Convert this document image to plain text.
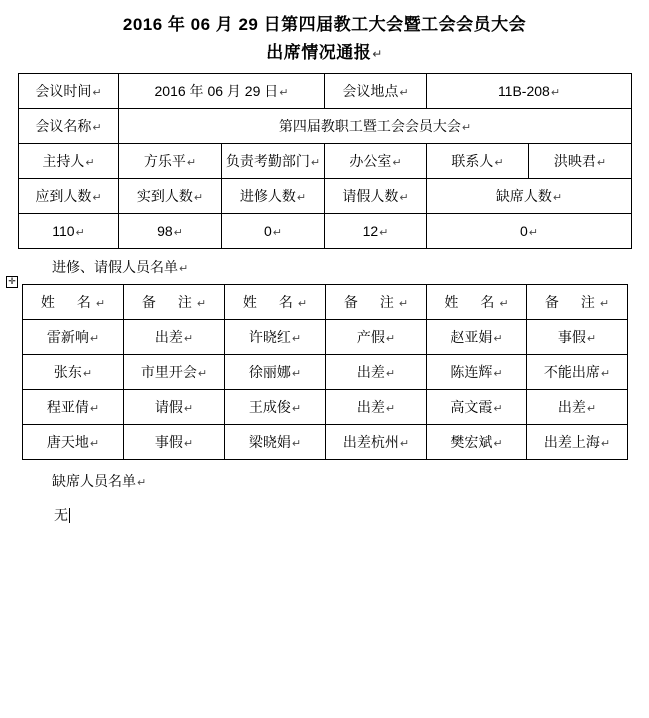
2016 年 06 月 29 日第四届教工大会暨工会会员大会
出席情况通报↵
会议时间↵	2016 年 06 月 29 日↵		会议地点↵	11B-208↵	
会议名称↵	第四届教职工暨工会会员大会↵				
主持人↵	方乐平↵	负责考勤部门↵	办公室↵	联系人↵	洪映君↵
应到人数↵	实到人数↵	进修人数↵	请假人数↵	缺席人数↵	
110↵	98↵	0↵	12↵	0↵	
进修、请假人员名单↵
✛
姓　名↵	备　注↵	姓　名↵	备　注↵	姓　名↵	备　注↵
雷新响↵	出差↵	许晓红↵	产假↵	赵亚娟↵	事假↵
张东↵	市里开会↵	徐丽娜↵	出差↵	陈连辉↵	不能出席↵
程亚倩↵	请假↵	王成俊↵	出差↵	高文霞↵	出差↵
唐天地↵	事假↵	梁晓娟↵	出差杭州↵	樊宏斌↵	出差上海↵
缺席人员名单↵
无
